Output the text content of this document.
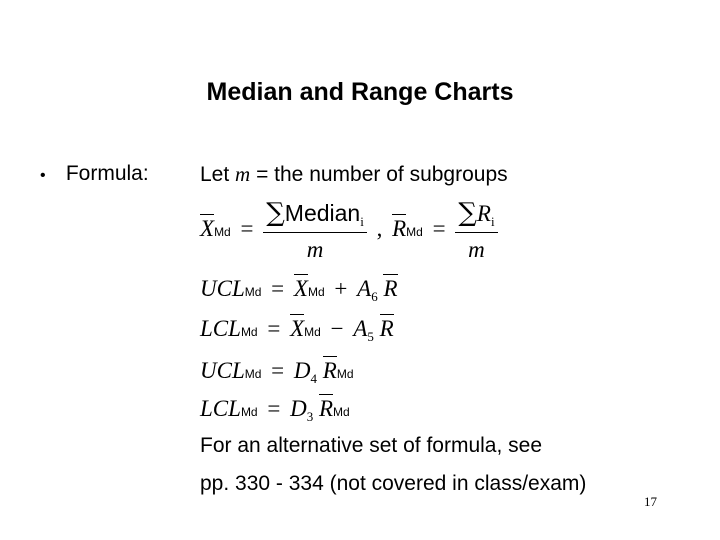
Median and Range Charts
• Formula: Let m = the number of subgroups
XMd = $\frac{\sum Median_i}{m}$ , RMd = $\frac{\sum R_i}{m}$
UCLMd = XMd + $A_6$ R
LCLMd = XMd − $A_5$ R
UCLMd = $D_4$ RMd
LCLMd = $D_3$ RMd
For an alternative set of formula, see
pp. 330 - 334 (not covered in class/exam)
17
